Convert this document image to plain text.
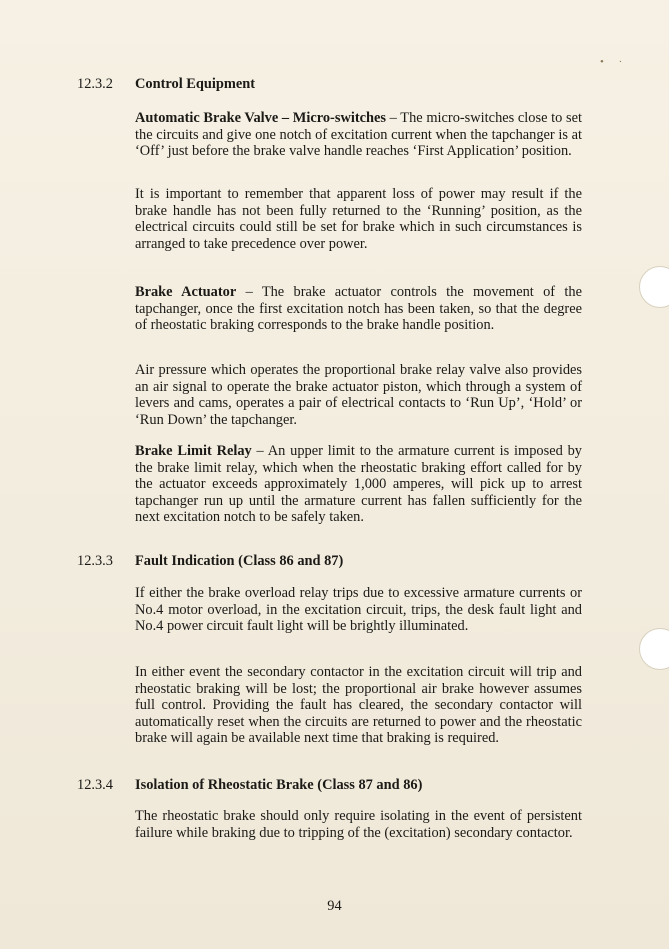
• ·
12.3.2 Control Equipment
Automatic Brake Valve – Micro-switches – The micro-switches close to set the circuits and give one notch of excitation current when the tapchanger is at ‘Off’ just before the brake valve handle reaches ‘First Application’ position.
It is important to remember that apparent loss of power may result if the brake handle has not been fully returned to the ‘Running’ position, as the electrical circuits could still be set for brake which in such circumstances is arranged to take precedence over power.
Brake Actuator – The brake actuator controls the movement of the tapchanger, once the first excitation notch has been taken, so that the degree of rheostatic braking corresponds to the brake handle position.
Air pressure which operates the proportional brake relay valve also provides an air signal to operate the brake actuator piston, which through a system of levers and cams, operates a pair of electrical contacts to ‘Run Up’, ‘Hold’ or ‘Run Down’ the tapchanger.
Brake Limit Relay – An upper limit to the armature current is imposed by the brake limit relay, which when the rheostatic braking effort called for by the actuator exceeds approximately 1,000 amperes, will pick up to arrest tapchanger run up until the armature current has fallen sufficiently for the next excitation notch to be safely taken.
12.3.3 Fault Indication (Class 86 and 87)
If either the brake overload relay trips due to excessive armature currents or No.4 motor overload, in the excitation circuit, trips, the desk fault light and No.4 power circuit fault light will be brightly illuminated.
In either event the secondary contactor in the excitation circuit will trip and rheostatic braking will be lost; the proportional air brake however assumes full control. Providing the fault has cleared, the secondary contactor will automatically reset when the circuits are returned to power and the rheostatic brake will again be available next time that braking is required.
12.3.4 Isolation of Rheostatic Brake (Class 87 and 86)
The rheostatic brake should only require isolating in the event of persistent failure while braking due to tripping of the (excitation) secondary contactor.
94
